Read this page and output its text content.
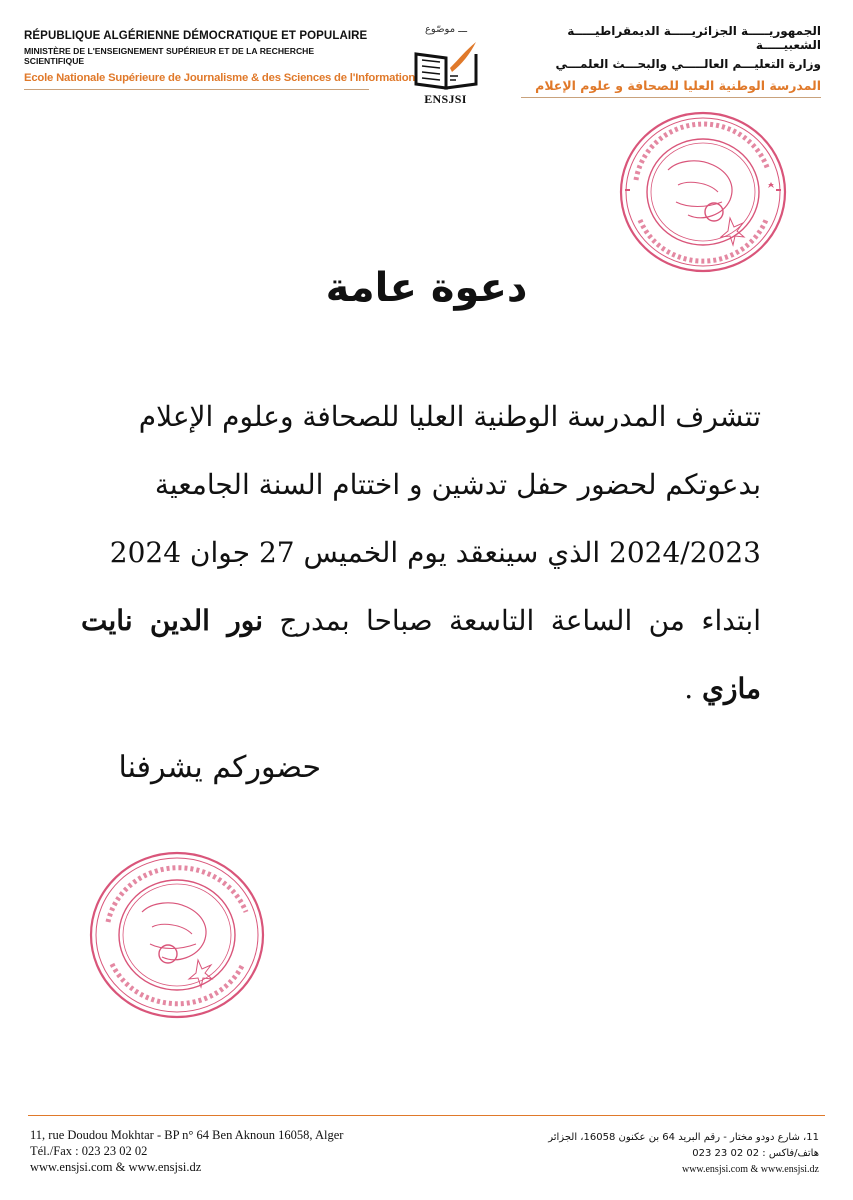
RÉPUBLIQUE ALGÉRIENNE DÉMOCRATIQUE ET POPULAIRE
MINISTÈRE DE L'ENSEIGNEMENT SUPÉRIEUR ET DE LA RECHERCHE SCIENTIFIQUE
Ecole Nationale Supérieure de Journalisme & des Sciences de l'Information
ـــ موصّوع
ENSJSI
الجمهوريـــــة الجزائريـــــة الديمقراطيـــــة الشعبيـــــة
وزارة التعليـــم العالـــــي والبحـــث العلمـــي
المدرسة الوطنية العليا للصحافة و علوم الإعلام
دعوة عامة
تتشرف المدرسة الوطنية العليا للصحافة وعلوم الإعلام
بدعوتكم لحضور حفل تدشين و اختتام السنة الجامعية
2024/2023 الذي سينعقد يوم الخميس 27 جوان 2024
ابتداء من الساعة التاسعة صباحا بمدرج نور الدين نايت مازي .
حضوركم يشرفنا
11, rue Doudou Mokhtar - BP n° 64 Ben Aknoun 16058, Alger
Tél./Fax : 023 23 02 02
www.ensjsi.com & www.ensjsi.dz
11، شارع دودو مختار - رقم البريد 64 بن عكنون 16058، الجزائر
هاتف/فاكس : 02 02 23 023
www.ensjsi.com & www.ensjsi.dz
